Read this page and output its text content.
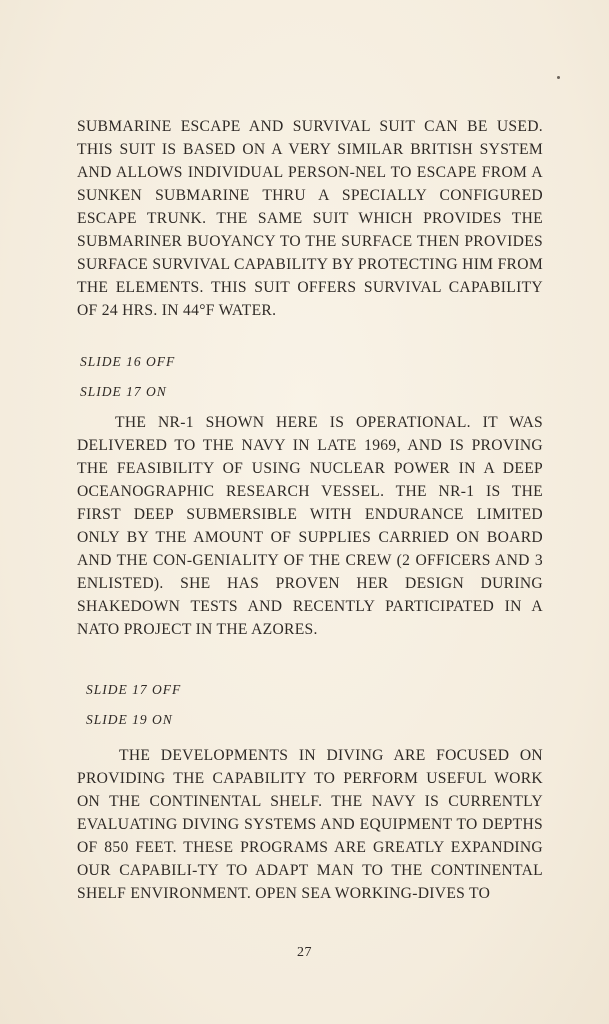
SUBMARINE ESCAPE AND SURVIVAL SUIT CAN BE USED. THIS SUIT IS BASED ON A VERY SIMILAR BRITISH SYSTEM AND ALLOWS INDIVIDUAL PERSON-NEL TO ESCAPE FROM A SUNKEN SUBMARINE THRU A SPECIALLY CONFIGURED ESCAPE TRUNK. THE SAME SUIT WHICH PROVIDES THE SUBMARINER BUOYANCY TO THE SURFACE THEN PROVIDES SURFACE SURVIVAL CAPABILITY BY PROTECTING HIM FROM THE ELEMENTS. THIS SUIT OFFERS SURVIVAL CAPABILITY OF 24 HRS. IN 44°F WATER.

SLIDE 16 OFF

SLIDE 17 ON

THE NR-1 SHOWN HERE IS OPERATIONAL. IT WAS DELIVERED TO THE NAVY IN LATE 1969, AND IS PROVING THE FEASIBILITY OF USING NUCLEAR POWER IN A DEEP OCEANOGRAPHIC RESEARCH VESSEL. THE NR-1 IS THE FIRST DEEP SUBMERSIBLE WITH ENDURANCE LIMITED ONLY BY THE AMOUNT OF SUPPLIES CARRIED ON BOARD AND THE CON-GENIALITY OF THE CREW (2 OFFICERS AND 3 ENLISTED). SHE HAS PROVEN HER DESIGN DURING SHAKEDOWN TESTS AND RECENTLY PARTICIPATED IN A NATO PROJECT IN THE AZORES.

SLIDE 17 OFF

SLIDE 19 ON

THE DEVELOPMENTS IN DIVING ARE FOCUSED ON PROVIDING THE CAPABILITY TO PERFORM USEFUL WORK ON THE CONTINENTAL SHELF. THE NAVY IS CURRENTLY EVALUATING DIVING SYSTEMS AND EQUIPMENT TO DEPTHS OF 850 FEET. THESE PROGRAMS ARE GREATLY EXPANDING OUR CAPABILI-TY TO ADAPT MAN TO THE CONTINENTAL SHELF ENVIRONMENT. OPEN SEA WORKING-DIVES TO

27
